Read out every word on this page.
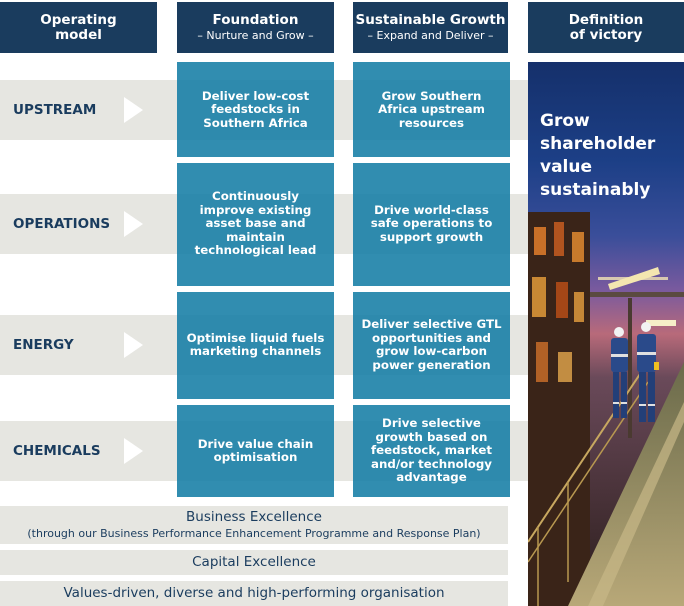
Operating
model
Foundation
– Nurture and Grow –
Sustainable Growth
– Expand and Deliver –
Definition
of victory
UPSTREAM
OPERATIONS
ENERGY
CHEMICALS
Deliver low-cost feedstocks in Southern Africa
Continuously improve existing asset base and maintain technological lead
Optimise liquid fuels marketing channels
Drive value chain optimisation
Grow Southern Africa upstream resources
Drive world-class safe operations to support growth
Deliver selective GTL opportunities and grow low-carbon power generation
Drive selective growth based on feedstock, market and/or technology advantage
Business Excellence
(through our Business Performance Enhancement Programme and Response Plan)
Capital Excellence
Values-driven, diverse and high-performing organisation
Grow shareholder value sustainably
